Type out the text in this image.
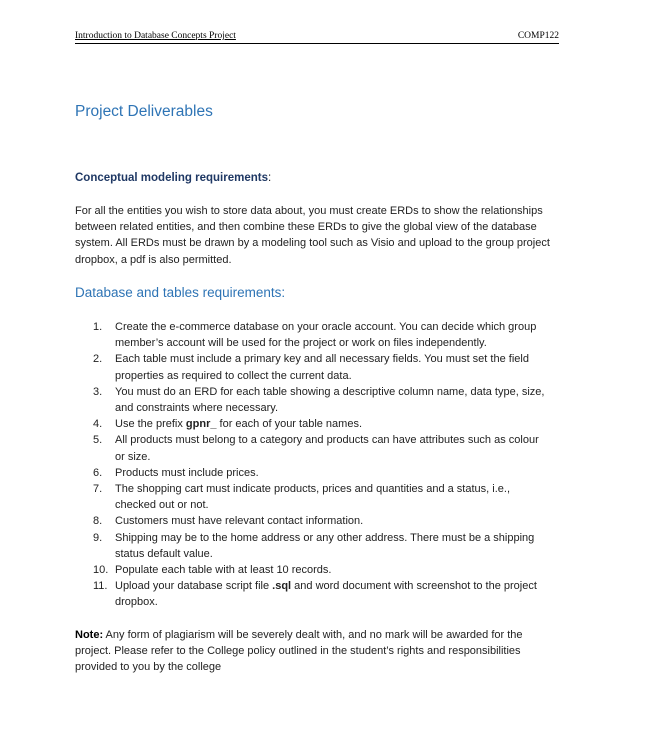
Introduction to Database Concepts Project	COMP122
Project Deliverables
Conceptual modeling requirements:
For all the entities you wish to store data about, you must create ERDs to show the relationships
between related entities, and then combine these ERDs to give the global view of the database
system. All ERDs must be drawn by a modeling tool such as Visio and upload to the group project
dropbox, a pdf is also permitted.
Database and tables requirements:
1. Create the e-commerce database on your oracle account. You can decide which group
member’s account will be used for the project or work on files independently.
2. Each table must include a primary key and all necessary fields. You must set the field
properties as required to collect the current data.
3. You must do an ERD for each table showing a descriptive column name, data type, size,
and constraints where necessary.
4. Use the prefix gpnr_ for each of your table names.
5. All products must belong to a category and products can have attributes such as colour
or size.
6. Products must include prices.
7. The shopping cart must indicate products, prices and quantities and a status, i.e.,
checked out or not.
8. Customers must have relevant contact information.
9. Shipping may be to the home address or any other address. There must be a shipping
status default value.
10. Populate each table with at least 10 records.
11. Upload your database script file .sql and word document with screenshot to the project
dropbox.
Note: Any form of plagiarism will be severely dealt with, and no mark will be awarded for the
project. Please refer to the College policy outlined in the student’s rights and responsibilities
provided to you by the college
